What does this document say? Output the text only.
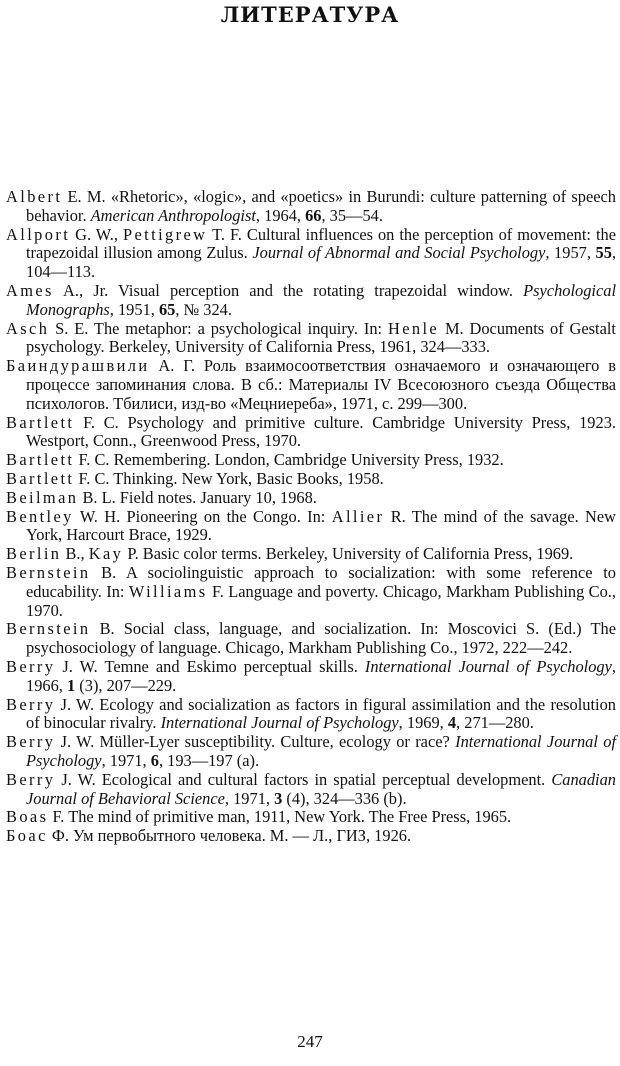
ЛИТЕРАТУРА

Albert E. M. «Rhetoric», «logic», and «poetics» in Burundi: culture patterning of speech behavior. American Anthropologist, 1964, 66, 35—54.

Allport G. W., Pettigrew T. F. Cultural influences on the perception of movement: the trapezoidal illusion among Zulus. Journal of Abnormal and Social Psychology, 1957, 55, 104—113.

Ames A., Jr. Visual perception and the rotating trapezoidal window. Psychological Monographs, 1951, 65, № 324.

Asch S. E. The metaphor: a psychological inquiry. In: Henle M. Documents of Gestalt psychology. Berkeley, University of California Press, 1961, 324—333.

Баиндурашвили А. Г. Роль взаимосоответствия означаемого и означающего в процессе запоминания слова. В сб.: Материалы IV Всесоюзного съезда Общества психологов. Тбилиси, изд-во «Мецниереба», 1971, с. 299—300.

Bartlett F. C. Psychology and primitive culture. Cambridge University Press, 1923. Westport, Conn., Greenwood Press, 1970.

Bartlett F. C. Remembering. London, Cambridge University Press, 1932.

Bartlett F. C. Thinking. New York, Basic Books, 1958.

Beilman B. L. Field notes. January 10, 1968.

Bentley W. H. Pioneering on the Congo. In: Allier R. The mind of the savage. New York, Harcourt Brace, 1929.

Berlin B., Kay P. Basic color terms. Berkeley, University of California Press, 1969.

Bernstein B. A sociolinguistic approach to socialization: with some reference to educability. In: Williams F. Language and poverty. Chicago, Markham Publishing Co., 1970.

Bernstein B. Social class, language, and socialization. In: Moscovici S. (Ed.) The psychosociology of language. Chicago, Markham Publishing Co., 1972, 222—242.

Berry J. W. Temne and Eskimo perceptual skills. International Journal of Psychology, 1966, 1 (3), 207—229.

Berry J. W. Ecology and socialization as factors in figural assimilation and the resolution of binocular rivalry. International Journal of Psychology, 1969, 4, 271—280.

Berry J. W. Müller-Lyer susceptibility. Culture, ecology or race? International Journal of Psychology, 1971, 6, 193—197 (a).

Berry J. W. Ecological and cultural factors in spatial perceptual development. Canadian Journal of Behavioral Science, 1971, 3 (4), 324—336 (b).

Boas F. The mind of primitive man, 1911, New York. The Free Press, 1965.

Боас Ф. Ум первобытного человека. М. — Л., ГИЗ, 1926.

247
